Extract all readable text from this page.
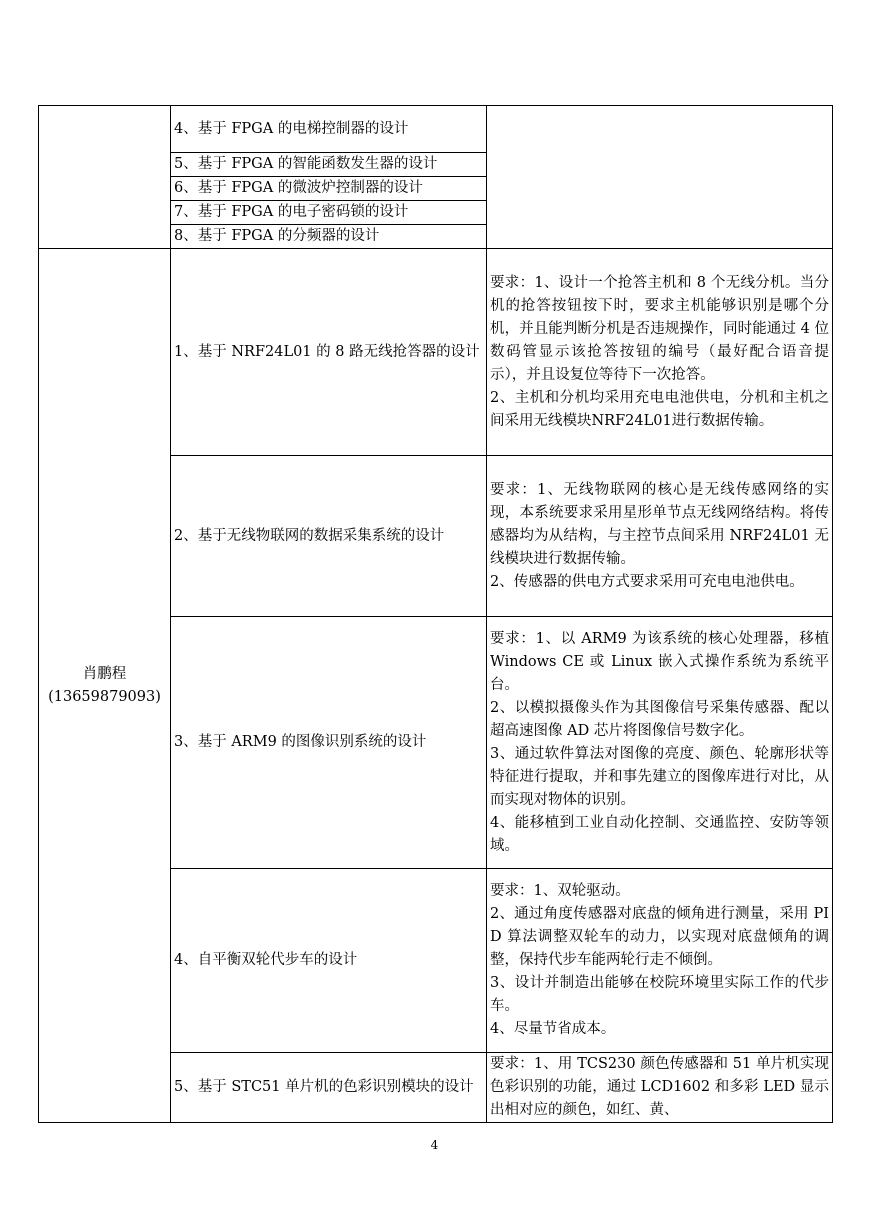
	4、基于 FPGA 的电梯控制器的设计	
	5、基于 FPGA 的智能函数发生器的设计	
	6、基于 FPGA 的微波炉控制器的设计	
	7、基于 FPGA 的电子密码锁的设计	
	8、基于 FPGA 的分频器的设计	

肖鹏程
(13659879093)	1、基于 NRF24L01 的 8 路无线抢答器的设计	要求：1、设计一个抢答主机和 8 个无线分机。当分机的抢答按钮按下时，要求主机能够识别是哪个分机，并且能判断分机是否违规操作，同时能通过 4 位数码管显示该抢答按钮的编号（最好配合语音提示），并且设复位等待下一次抢答。
2、主机和分机均采用充电电池供电，分机和主机之间采用无线模块NRF24L01进行数据传输。

	2、基于无线物联网的数据采集系统的设计	要求：1、无线物联网的核心是无线传感网络的实现，本系统要求采用星形单节点无线网络结构。将传感器均为从结构，与主控节点间采用 NRF24L01 无线模块进行数据传输。
2、传感器的供电方式要求采用可充电电池供电。

	3、基于 ARM9 的图像识别系统的设计	要求：1、以 ARM9 为该系统的核心处理器，移植 Windows CE 或 Linux 嵌入式操作系统为系统平台。
2、以模拟摄像头作为其图像信号采集传感器、配以超高速图像 AD 芯片将图像信号数字化。
3、通过软件算法对图像的亮度、颜色、轮廓形状等特征进行提取，并和事先建立的图像库进行对比，从而实现对物体的识别。
4、能移植到工业自动化控制、交通监控、安防等领域。

	4、自平衡双轮代步车的设计	要求：1、双轮驱动。
2、通过角度传感器对底盘的倾角进行测量，采用 PID 算法调整双轮车的动力，以实现对底盘倾角的调整，保持代步车能两轮行走不倾倒。
3、设计并制造出能够在校院环境里实际工作的代步车。
4、尽量节省成本。

	5、基于 STC51 单片机的色彩识别模块的设计	要求：1、用 TCS230 颜色传感器和 51 单片机实现色彩识别的功能，通过 LCD1602 和多彩 LED 显示出相对应的颜色，如红、黄、
4
